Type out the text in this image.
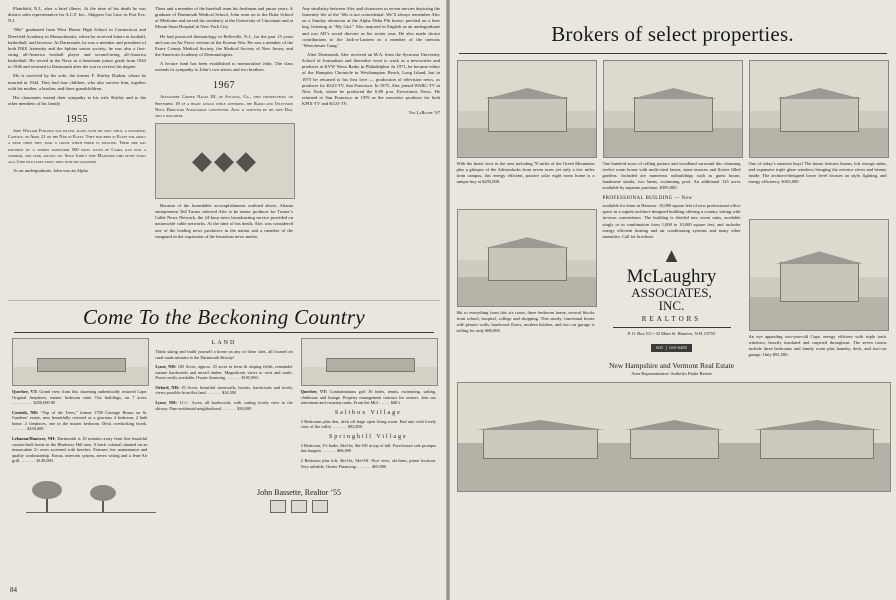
Plainfield, N.J., after a brief illness. At the time of his death he was district sales representative for A.C.F. Inc., Shippers Car Line, in Port Eve, N.J.

“Mo” graduated from West Haven High School in Connecticut and Deerfield Academy in Massachusetts, where he received letters in football, basketball, and lacrosse. At Dartmouth, he was a member and president of both DKE fraternity and the Sphinx senior society; he was also a first-string all-America football player and second-string all-America basketball. He served in the Navy as a lieutenant junior grade from 1943 to 1946 and returned to Dartmouth after the war to receive his degree.

Mo is survived by his wife, the former F. Shirley Durkin, whom he married in 1944. They had four children, who also survive him, together with his mother, a brother, and three grandchildren.

His classmates extend their sympathy to his wife Shirley and to the other members of his family.

1955

John William Furlong was killed, along with his only child, a daughter, Candice, on April 21 on the Nile in Egypt. They had been in Egypt for about a week when they took a cruise which ended in disaster. Their ship was battered by a sudden rainstorm 500 miles south of Cairo, ran into a sandbar, and sank, killing six. Since John’s wife Marianne died seven years ago, John had taken many trips with his daughter.

As an undergraduate, John was an Alpha

Theta and a member of the baseball team his freshman and junior years. A graduate of Dartmouth Medical School, John went on to the Duke School of Medicine and served his residency at the University of Cincinnati and at Mount Sinai Hospital in New York City.

He had practiced dermatology in Belleville, N.J., for the past 15 years and was an Air Force veteran of the Korean War. He was a member of the Essex County Medical Society, the Medical Society of New Jersey, and the American Academy of Dermatologists.

A lecture fund has been established to memorialize John. The class extends its sympathy to John’s two sisters and two brothers.

1967

Alexander Cooper Nagle III, of Atlanta, Ga., died unexpectedly on September 18 of a heart attack while attending the Radio and Television News Directors Association convention. Alec is survived by his wife Dial and a daughter.

◆◆◆

Because of the formidable accomplishments outlined above, Atlanta entrepreneur Ted Turner selected Alec to be senior producer for Turner’s Cable News Network, the 24-hour news broadcasting service provided on nationwide cable networks. At the time of his death, Alec was considered one of the leading news producers in the nation and a member of the vanguard in the expansion of the broadcast news media.

Any similarity between Alec and characters in recent movies depicting the fraternity life of the ’60s is not coincidental. We’ll always remember Alec on a Sunday afternoon at the Alpha Delta Phi house, perched on a beer keg, listening to “My Girl.” Alec majored in English as an undergraduate and was AD’s social director as his senior year. He also made choice contributions to the Jack-o-Lantern as a member of the onerous ‘Westchester Gang.’

After Dartmouth, Alec received an M.A. from the Syracuse University School of Journalism and thereafter went to work as a newswriter and producer at KYW News Radio in Philadelphia. In 1971, he became editor of the Hampton Chronicle in Westhampton Beach, Long Island, but in 1973 he returned to his first love — production of television news, as producer for KGO-TV, San Francisco. In 1975, Alec joined WABC-TV in New York, where he produced the 6:00 p.m. Eyewitness News. He returned to San Francisco in 1976 as the executive producer for both KPIX-TV and KGO-TV.

Ted LaRoche ’67
Come To the Beckoning Country
Quechee, VT: Grand view from this charming authentically restored Cape. Original fireplaces, master bedroom suite. Out buildings, on 7 acres. ............. $250,000.00
Cornish, NH: “Top of the Trees,” former 1790 Carriage House on St. Gaudens’ estate, now beautifully restored as a gracious 4 bedroom, 2 bath home. 2 fireplaces, one in the master bedroom. Deck overlooking brook. ......... $249,000.
Lebanon/Hanover, NH: Dartmouth is 10 minutes away from this beautiful custom-built home in the Blueberry Hill area. A brick colonial situated on an immaculate 2+ acres screened with beeches. Features low maintenance and quality workmanship. Extras, intercom system, stereo wiring and a Jenn-Air grill. ......... $149,000.
LAND
Think skiing and build yourself a home on any of these sites, all located on rural roads minutes to the Dartmouth Skiway!
Lyme, NH: 105 Acres, approx. 25 acres in ferns & sloping fields, remainder mature hardwoods and mixed timber. Magnificent views to west and south. Power easily available, Owner financing ......... $105,000.
Orford, NH: 19 Acres, beautiful stonewalls, brooks, hardwoods and lovely views possible from this land ......... $24,500
Lyme, NH: 11+/− Acres, all hardwoods, with cutting lovely view to the skiway. Fine residential neighborhood ......... $30,000
Quechee, VT: Condominiums golf 36 holes, tennis, swimming, sailing, clubhouse and lounge. Property management contract for owners. Join our retirement and vacation ranks. From the Mid ....... $40’s
Saltbox Village
3 Bedrooms plus den, deck off large open living room. End unit with lovely view of the valley ......... $92,800.
Springhill Village
3 Bedroom, 2½ baths, Ski-On, Ski-Off at top of hill. Foreclosure sale prompts this bargain ......... $66,000
2 Bedroom plus loft, Ski-On, Ski-Off. Nice view, ski-lines, prime location. Very saleable, Owner Financing ......... $65,000
John Bassette, Realtor ’55
84
Brokers of select properties.
With the finest view in the area including 70 miles of the Green Mountains plus a glimpse of the Adirondacks from seven acres yet only a few miles from campus, this energy efficient, passive solar eight room home is a unique buy at $295,000.
Ski to everything from this six room, three bedroom home, several blocks from school, hospital, college and shopping. This sturdy, functional house with plaster walls, hardwood floors, modern kitchen, and two car garage is selling for only $80,000.
One hundred acres of rolling pasture and woodland surround this charming twelve room house with multi-sited lawns, stone terraces and flower filled gardens. Included are numerous outbuildings such as guest house, handsome studio, two barns, swimming pool. An additional 125 acres available by separate purchase. $395,000.
PROFESSIONAL BUILDING — Now
available for lease in Hanover. 10,000 square feet of new professional office space in a superb architect-designed building offering a country setting with in-town convenience. The building is divided into seven units, available singly or in combination from 1,000 to 10,000 square feet, and includes energy efficient heating and air conditioning systems and many other amenities. Call for brochure.
▲
McLaughry
ASSOCIATES,
INC.
REALTORS
P. O. Box 511 • 32 Main St. Hanover, N.H. 03755
603 ❘ 643-6400
New Hampshire and Vermont Real Estate
Area Representative: Sothelys Parke Bernet
One of today’s smartest buys! The house features beams, loft storage sinks, and expansive triple glaze windows bringing the exterior views and beauty inside. The architect-designed lower level focuses on style, lighting, and energy efficiency. $165,000.
An eye appealing two-year-old Cape, energy efficient with triple track windows, heavily insulated and carpeted throughout. The seven rooms include three bedrooms and family room plus laundry, deck, and two-car garage. Only $91,500.
